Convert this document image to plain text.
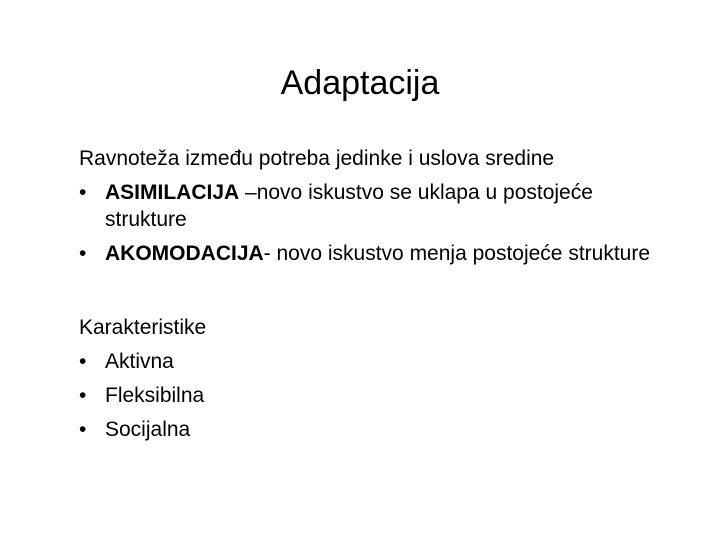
Adaptacija

Ravnoteža između potreba jedinke i uslova sredine

• ASIMILACIJA –novo iskustvo se uklapa u postojeće strukture
• AKOMODACIJA- novo iskustvo menja postojeće strukture

Karakteristike

• Aktivna
• Fleksibilna
• Socijalna
